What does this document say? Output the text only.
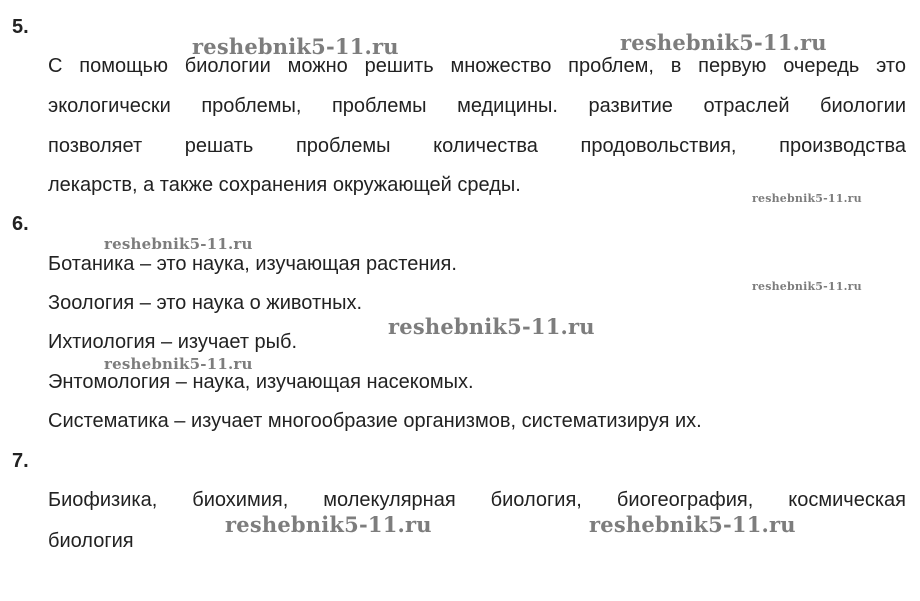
5.
С помощью биологии можно решить множество проблем, в первую очередь это
экологически проблемы, проблемы медицины. развитие отраслей биологии
позволяет решать проблемы количества продовольствия, производства
лекарств, а также сохранения окружающей среды.
6.
Ботаника – это наука, изучающая растения.
Зоология – это наука о животных.
Ихтиология – изучает рыб.
Энтомология – наука, изучающая насекомых.
Систематика – изучает многообразие организмов, систематизируя их.
7.
Биофизика, биохимия, молекулярная биология, биогеография, космическая
биология
reshebnik5-11.ru	reshebnik5-11.ru
reshebnik5-11.ru
reshebnik5-11.ru
reshebnik5-11.ru
reshebnik5-11.ru
reshebnik5-11.ru
reshebnik5-11.ru	reshebnik5-11.ru
